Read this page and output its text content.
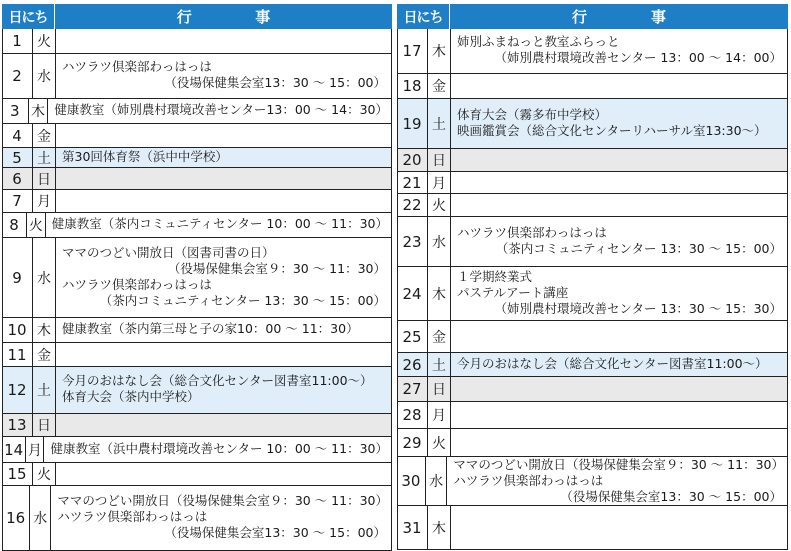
日にち	行	事
1	火
2	水
ハツラツ倶楽部わっはっは
（役場保健集会室13：30 ～ 15：00）
3 木 健康教室（姉別農村環境改善センター13：00 ～ 14：30）
4	金
5	土 第30回体育祭（浜中中学校）
6	日
7	月
8 火 健康教室（茶内コミュニティセンター 10：00 ～ 11：30）
9	水
ママのつどい開放日（図書司書の日）
（役場保健集会室９：30 ～ 11：30）
ハツラツ倶楽部わっはっは
（茶内コミュニティセンター 13：30 ～ 15：00）
10 木 健康教室（茶内第三母と子の家10：00 ～ 11：30）
11 金
12 土
今月のおはなし会（総合文化センター図書室11:00～）
体育大会（茶内中学校）
13 日
14 月 健康教室（浜中農村環境改善センター 10：00 ～ 11：30）
15 火
16 水
ママのつどい開放日（役場保健集会室９：30 ～ 11：30）
ハツラツ倶楽部わっはっは
（役場保健集会室13：30 ～ 15：00）
日にち	行	事
17 木
姉別ふまねっと教室ふらっと
（姉別農村環境改善センター 13：00 ～ 14：00）
18 金
19 土
体育大会（霧多布中学校）
映画鑑賞会（総合文化センターリハーサル室13:30～）
20 日
21 月
22 火
23 水
ハツラツ倶楽部わっはっは
（茶内コミュニティセンター 13：30 ～ 15：00）
24 木
１学期終業式
パステルアート講座
（姉別農村環境改善センター 13：30 ～ 15：30）
25 金
26 土 今月のおはなし会（総合文化センター図書室11:00～）
27 日
28 月
29 火
30 水
ママのつどい開放日（役場保健集会室９：30 ～ 11：30）
ハツラツ倶楽部わっはっは
（役場保健集会室13：30 ～ 15：00）
31 木
